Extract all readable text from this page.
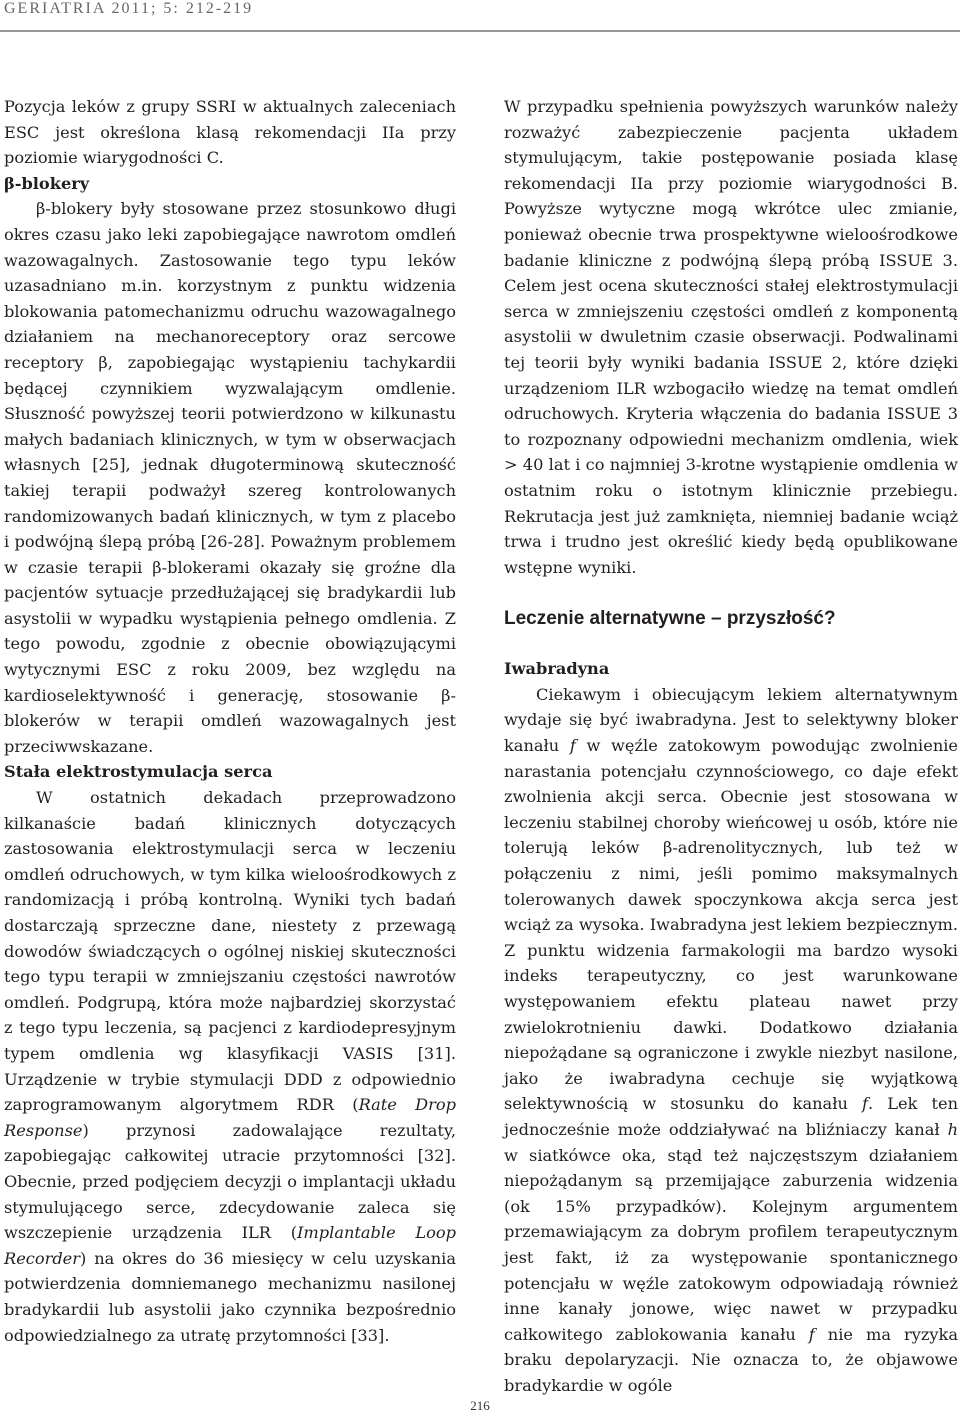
GERIATRIA 2011; 5: 212-219

Pozycja leków z grupy SSRI w aktualnych zaleceniach ESC jest określona klasą rekomendacji IIa przy poziomie wiarygodności C.

β-blokery

β-blokery były stosowane przez stosunkowo długi okres czasu jako leki zapobiegające nawrotom omdleń wazowagalnych. Zastosowanie tego typu leków uzasadniano m.in. korzystnym z punktu widzenia blokowania patomechanizmu odruchu wazowagalnego działaniem na mechanoreceptory oraz sercowe receptory β, zapobiegając wystąpieniu tachykardii będącej czynnikiem wyzwalającym omdlenie. Słuszność powyższej teorii potwierdzono w kilkunastu małych badaniach klinicznych, w tym w obserwacjach własnych [25], jednak długoterminową skuteczność takiej terapii podważył szereg kontrolowanych randomizowanych badań klinicznych, w tym z placebo i podwójną ślepą próbą [26-28]. Poważnym problemem w czasie terapii β-blokerami okazały się groźne dla pacjentów sytuacje przedłużającej się bradykardii lub asystolii w wypadku wystąpienia pełnego omdlenia. Z tego powodu, zgodnie z obecnie obowiązującymi wytycznymi ESC z roku 2009, bez względu na kardioselektywność i generację, stosowanie β-blokerów w terapii omdleń wazowagalnych jest przeciwwskazane.

Stała elektrostymulacja serca

W ostatnich dekadach przeprowadzono kilkanaście badań klinicznych dotyczących zastosowania elektrostymulacji serca w leczeniu omdleń odruchowych, w tym kilka wieloośrodkowych z randomizacją i próbą kontrolną. Wyniki tych badań dostarczają sprzeczne dane, niestety z przewagą dowodów świadczących o ogólnej niskiej skuteczności tego typu terapii w zmniejszaniu częstości nawrotów omdleń. Podgrupą, która może najbardziej skorzystać z tego typu leczenia, są pacjenci z kardiodepresyjnym typem omdlenia wg klasyfikacji VASIS [31]. Urządzenie w trybie stymulacji DDD z odpowiednio zaprogramowanym algorytmem RDR (Rate Drop Response) przynosi zadowalające rezultaty, zapobiegając całkowitej utracie przytomności [32]. Obecnie, przed podjęciem decyzji o implantacji układu stymulującego serce, zdecydowanie zaleca się wszczepienie urządzenia ILR (Implantable Loop Recorder) na okres do 36 miesięcy w celu uzyskania potwierdzenia domniemanego mechanizmu nasilonej bradykardii lub asystolii jako czynnika bezpośrednio odpowiedzialnego za utratę przytomności [33].

W przypadku spełnienia powyższych warunków należy rozważyć zabezpieczenie pacjenta układem stymulującym, takie postępowanie posiada klasę rekomendacji IIa przy poziomie wiarygodności B. Powyższe wytyczne mogą wkrótce ulec zmianie, ponieważ obecnie trwa prospektywne wieloośrodkowe badanie kliniczne z podwójną ślepą próbą ISSUE 3. Celem jest ocena skuteczności stałej elektrostymulacji serca w zmniejszeniu częstości omdleń z komponentą asystolii w dwuletnim czasie obserwacji. Podwalinami tej teorii były wyniki badania ISSUE 2, które dzięki urządzeniom ILR wzbogaciło wiedzę na temat omdleń odruchowych. Kryteria włączenia do badania ISSUE 3 to rozpoznany odpowiedni mechanizm omdlenia, wiek > 40 lat i co najmniej 3-krotne wystąpienie omdlenia w ostatnim roku o istotnym klinicznie przebiegu. Rekrutacja jest już zamknięta, niemniej badanie wciąż trwa i trudno jest określić kiedy będą opublikowane wstępne wyniki.

Leczenie alternatywne – przyszłość?

Iwabradyna

Ciekawym i obiecującym lekiem alternatywnym wydaje się być iwabradyna. Jest to selektywny bloker kanału f w węźle zatokowym powodując zwolnienie narastania potencjału czynnościowego, co daje efekt zwolnienia akcji serca. Obecnie jest stosowana w leczeniu stabilnej choroby wieńcowej u osób, które nie tolerują leków β-adrenolitycznych, lub też w połączeniu z nimi, jeśli pomimo maksymalnych tolerowanych dawek spoczynkowa akcja serca jest wciąż za wysoka. Iwabradyna jest lekiem bezpiecznym. Z punktu widzenia farmakologii ma bardzo wysoki indeks terapeutyczny, co jest warunkowane występowaniem efektu plateau nawet przy zwielokrotnieniu dawki. Dodatkowo działania niepożądane są ograniczone i zwykle niezbyt nasilone, jako że iwabradyna cechuje się wyjątkową selektywnością w stosunku do kanału f. Lek ten jednocześnie może oddziaływać na bliźniaczy kanał h w siatkówce oka, stąd też najczęstszym działaniem niepożądanym są przemijające zaburzenia widzenia (ok 15% przypadków). Kolejnym argumentem przemawiającym za dobrym profilem terapeutycznym jest fakt, iż za występowanie spontanicznego potencjału w węźle zatokowym odpowiadają również inne kanały jonowe, więc nawet w przypadku całkowitego zablokowania kanału f nie ma ryzyka braku depolaryzacji. Nie oznacza to, że objawowe bradykardie w ogóle

216
